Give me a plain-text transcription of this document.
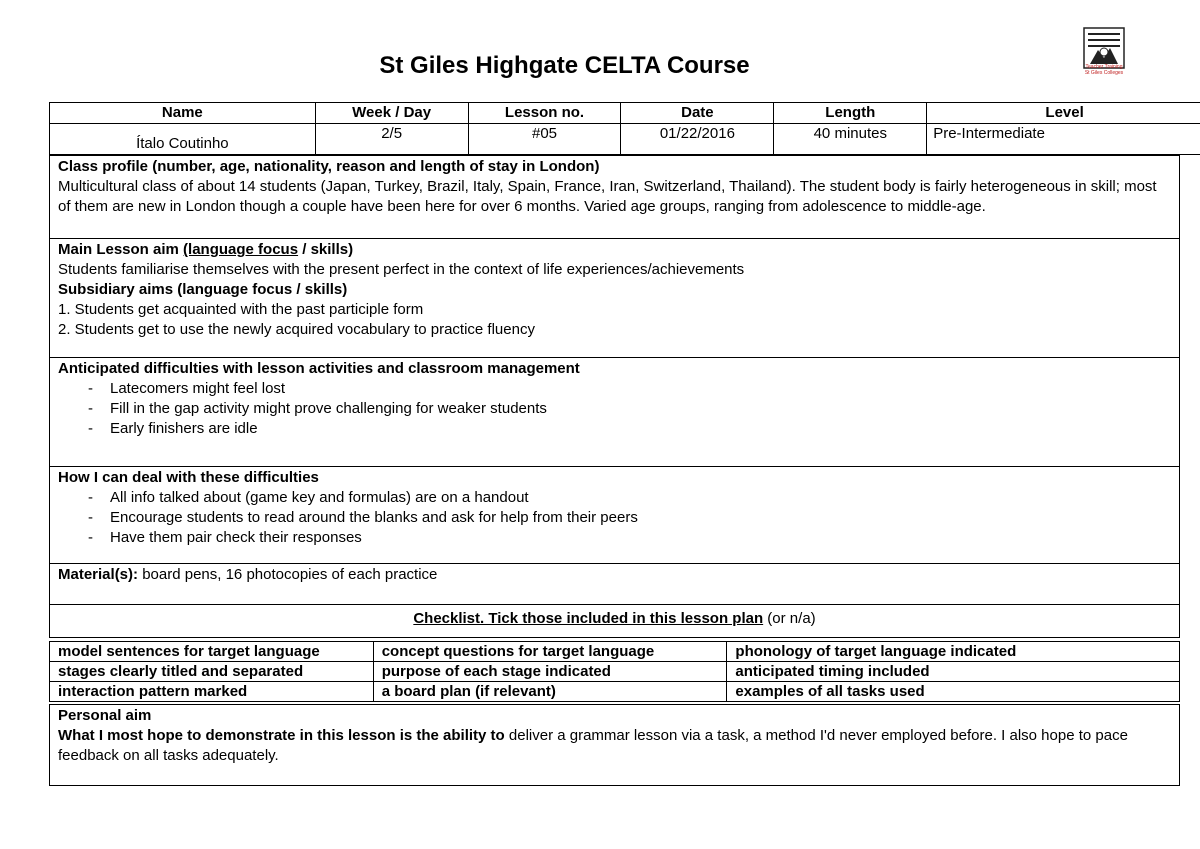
St Giles Highgate CELTA Course	Teacher Training
St Giles Colleges
Name	Week / Day	Lesson no.	Date	Length	Level
Ítalo Coutinho	2/5	#05	01/22/2016	40 minutes	Pre-Intermediate
Class profile (number, age, nationality, reason and length of stay in London)
Multicultural class of about 14 students (Japan, Turkey, Brazil, Italy, Spain, France, Iran, Switzerland, Thailand). The student body is fairly heterogeneous in skill; most of them are new in London though a couple have been here for over 6 months. Varied age groups, ranging from adolescence to middle-age.

Main Lesson aim (language focus / skills)
Students familiarise themselves with the present perfect in the context of life experiences/achievements
Subsidiary aims (language focus / skills)
1. Students get acquainted with the past participle form
2. Students get to use the newly acquired vocabulary to practice fluency

Anticipated difficulties with lesson activities and classroom management
- Latecomers might feel lost
- Fill in the gap activity might prove challenging for weaker students
- Early finishers are idle

How I can deal with these difficulties
- All info talked about (game key and formulas) are on a handout
- Encourage students to read around the blanks and ask for help from their peers
- Have them pair check their responses

Material(s): board pens, 16 photocopies of each practice
Checklist. Tick those included in this lesson plan (or n/a)
model sentences for target language	concept questions for target language	phonology of target language indicated
stages clearly titled and separated	purpose of each stage indicated	anticipated timing included
interaction pattern marked	a board plan (if relevant)	examples of all tasks used
Personal aim
What I most hope to demonstrate in this lesson is the ability to deliver a grammar lesson via a task, a method I'd never employed before. I also hope to pace feedback on all tasks adequately.
